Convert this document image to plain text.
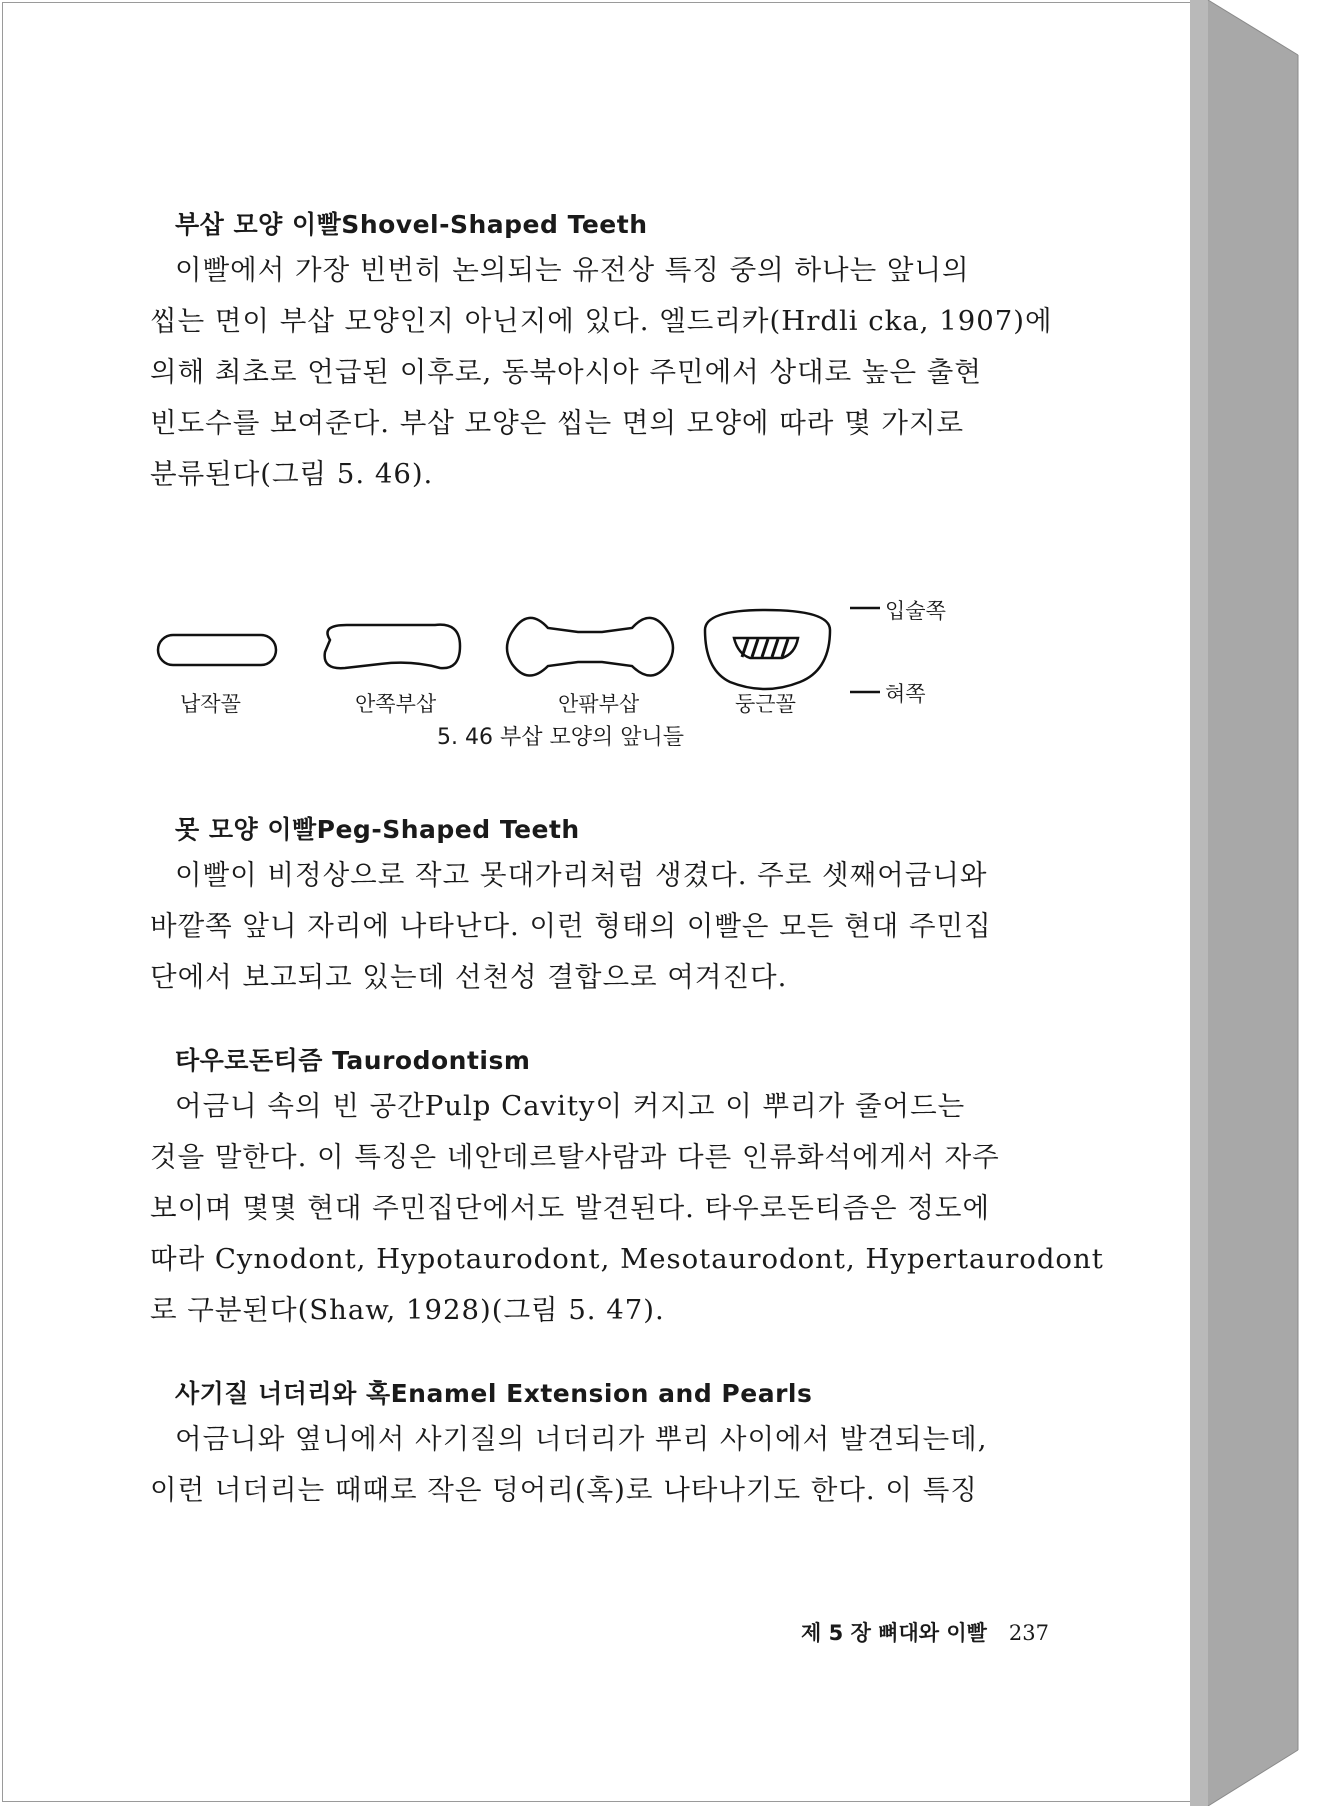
부삽 모양 이빨Shovel-Shaped Teeth

이빨에서 가장 빈번히 논의되는 유전상 특징 중의 하나는 앞니의
씹는 면이 부삽 모양인지 아닌지에 있다. 엘드리카(Hrdli cka, 1907)에
의해 최초로 언급된 이후로, 동북아시아 주민에서 상대로 높은 출현
빈도수를 보여준다. 부삽 모양은 씹는 면의 모양에 따라 몇 가지로
분류된다(그림 5. 46).

납작꼴	안쪽부삽	안팎부삽	둥근꼴
입술쪽
혀쪽
5. 46 부삽 모양의 앞니들
못 모양 이빨Peg-Shaped Teeth

이빨이 비정상으로 작고 못대가리처럼 생겼다. 주로 셋째어금니와
바깥쪽 앞니 자리에 나타난다. 이런 형태의 이빨은 모든 현대 주민집
단에서 보고되고 있는데 선천성 결합으로 여겨진다.

타우로돈티즘 Taurodontism

어금니 속의 빈 공간Pulp Cavity이 커지고 이 뿌리가 줄어드는
것을 말한다. 이 특징은 네안데르탈사람과 다른 인류화석에게서 자주
보이며 몇몇 현대 주민집단에서도 발견된다. 타우로돈티즘은 정도에
따라 Cynodont, Hypotaurodont, Mesotaurodont, Hypertaurodont
로 구분된다(Shaw, 1928)(그림 5. 47).

사기질 너더리와 혹Enamel Extension and Pearls

어금니와 옆니에서 사기질의 너더리가 뿌리 사이에서 발견되는데,
이런 너더리는 때때로 작은 덩어리(혹)로 나타나기도 한다. 이 특징

제 5 장 뼈대와 이빨 237
